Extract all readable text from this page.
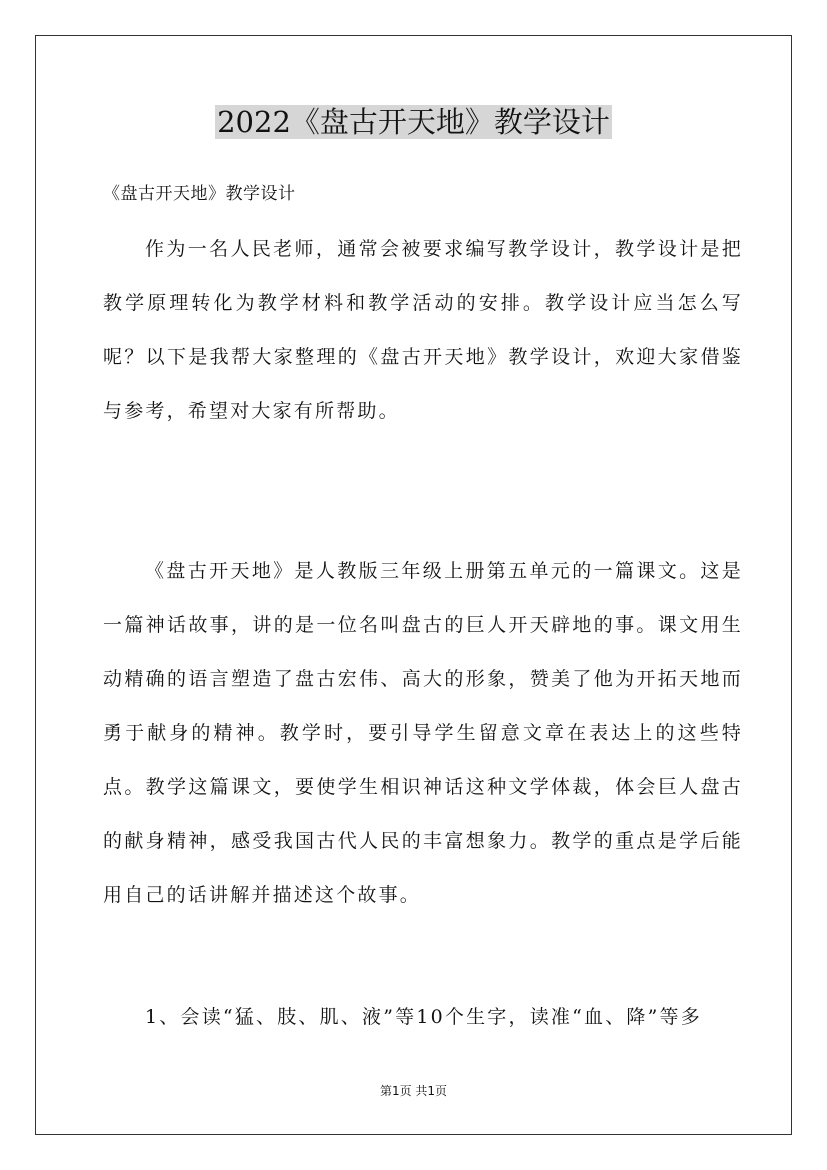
2022《盘古开天地》教学设计
《盘古开天地》教学设计

作为一名人民老师，通常会被要求编写教学设计，教学设计是把教学原理转化为教学材料和教学活动的安排。教学设计应当怎么写呢？以下是我帮大家整理的《盘古开天地》教学设计，欢迎大家借鉴与参考，希望对大家有所帮助。

《盘古开天地》是人教版三年级上册第五单元的一篇课文。这是一篇神话故事，讲的是一位名叫盘古的巨人开天辟地的事。课文用生动精确的语言塑造了盘古宏伟、高大的形象，赞美了他为开拓天地而勇于献身的精神。教学时，要引导学生留意文章在表达上的这些特点。教学这篇课文，要使学生相识神话这种文学体裁，体会巨人盘古的献身精神，感受我国古代人民的丰富想象力。教学的重点是学后能用自己的话讲解并描述这个故事。

1、会读“猛、肢、肌、液”等10个生字，读准“血、降”等多

第1页 共1页
